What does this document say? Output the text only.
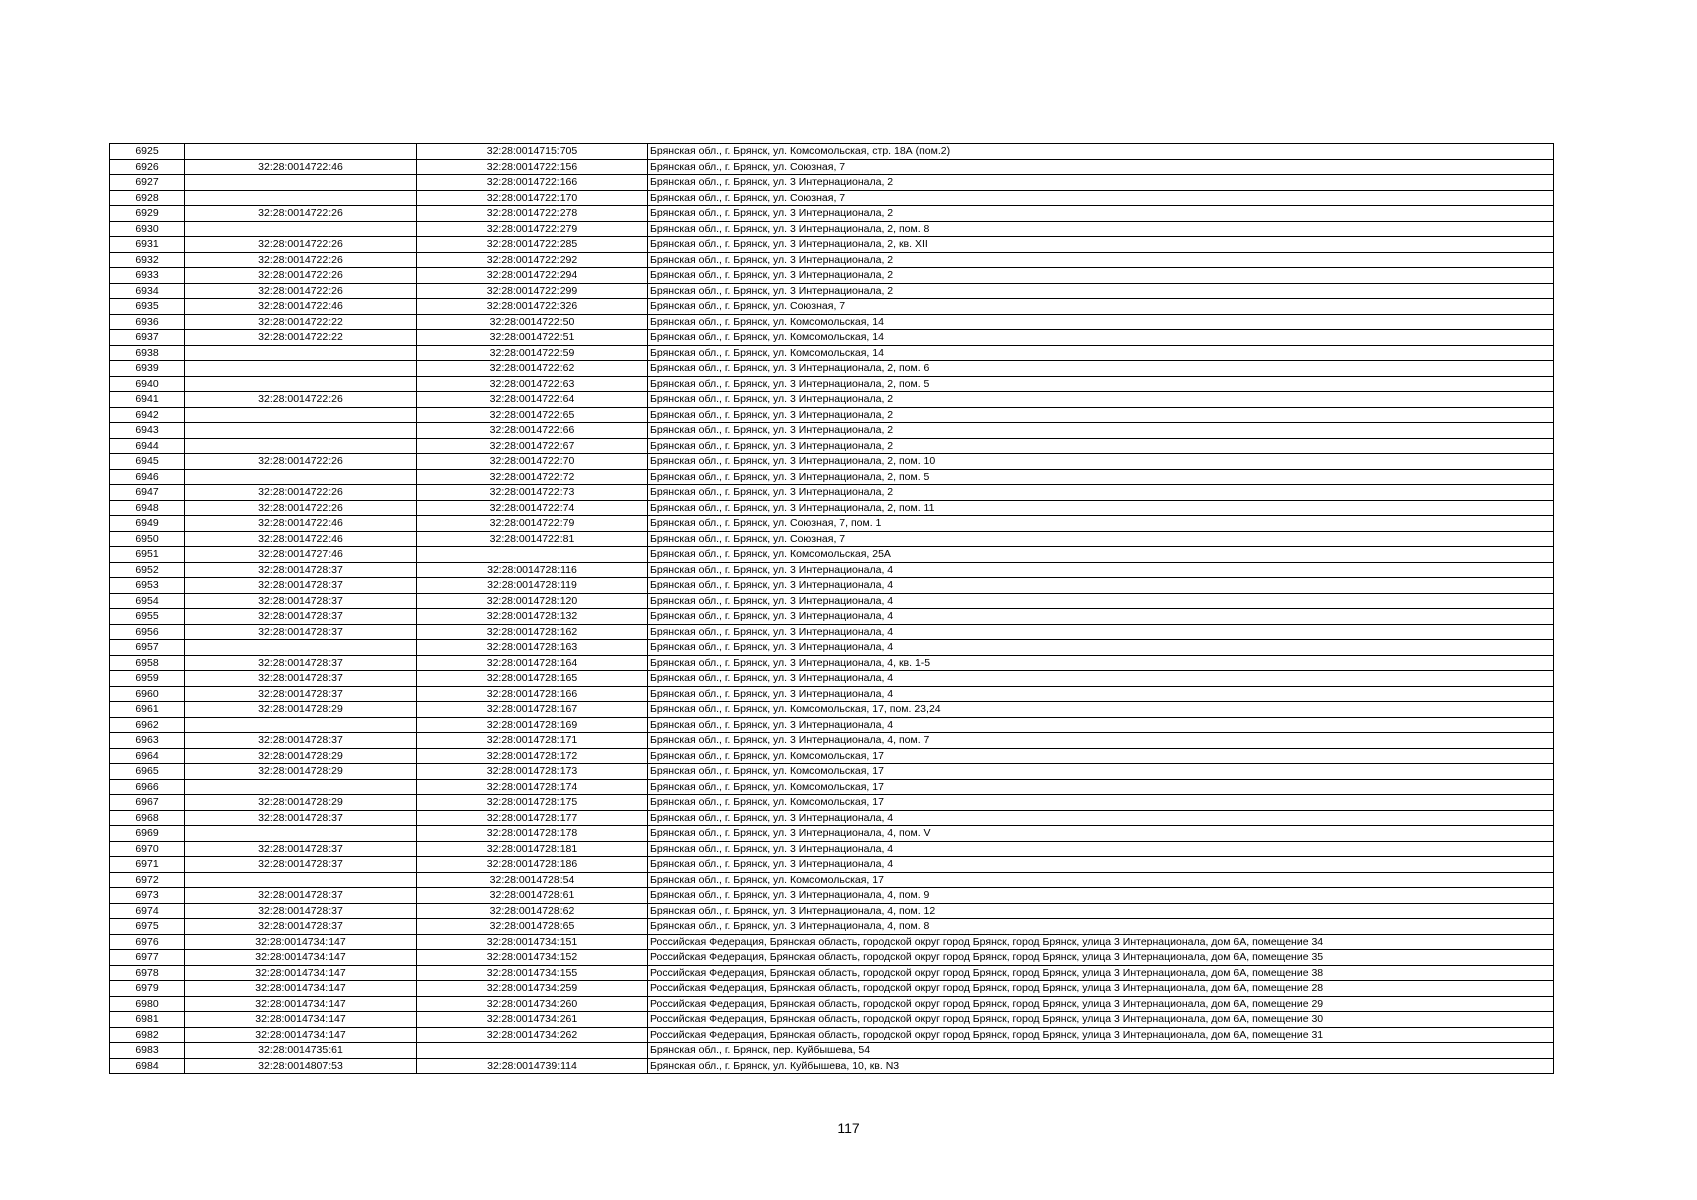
6925		32:28:0014715:705	Брянская обл., г. Брянск, ул. Комсомольская, стр. 18А (пом.2)
6926	32:28:0014722:46	32:28:0014722:156	Брянская обл., г. Брянск, ул. Союзная, 7
6927		32:28:0014722:166	Брянская обл., г. Брянск, ул. 3 Интернационала, 2
6928		32:28:0014722:170	Брянская обл., г. Брянск, ул. Союзная, 7
6929	32:28:0014722:26	32:28:0014722:278	Брянская обл., г. Брянск, ул. 3 Интернационала, 2
6930		32:28:0014722:279	Брянская обл., г. Брянск, ул. 3 Интернационала, 2, пом. 8
6931	32:28:0014722:26	32:28:0014722:285	Брянская обл., г. Брянск, ул. 3 Интернационала, 2, кв. XII
6932	32:28:0014722:26	32:28:0014722:292	Брянская обл., г. Брянск, ул. 3 Интернационала, 2
6933	32:28:0014722:26	32:28:0014722:294	Брянская обл., г. Брянск, ул. 3 Интернационала, 2
6934	32:28:0014722:26	32:28:0014722:299	Брянская обл., г. Брянск, ул. 3 Интернационала, 2
6935	32:28:0014722:46	32:28:0014722:326	Брянская обл., г. Брянск, ул. Союзная, 7
6936	32:28:0014722:22	32:28:0014722:50	Брянская обл., г. Брянск, ул. Комсомольская, 14
6937	32:28:0014722:22	32:28:0014722:51	Брянская обл., г. Брянск, ул. Комсомольская, 14
6938		32:28:0014722:59	Брянская обл., г. Брянск, ул. Комсомольская, 14
6939		32:28:0014722:62	Брянская обл., г. Брянск, ул. 3 Интернационала, 2, пом. 6
6940		32:28:0014722:63	Брянская обл., г. Брянск, ул. 3 Интернационала, 2, пом. 5
6941	32:28:0014722:26	32:28:0014722:64	Брянская обл., г. Брянск, ул. 3 Интернационала, 2
6942		32:28:0014722:65	Брянская обл., г. Брянск, ул. 3 Интернационала, 2
6943		32:28:0014722:66	Брянская обл., г. Брянск, ул. 3 Интернационала, 2
6944		32:28:0014722:67	Брянская обл., г. Брянск, ул. 3 Интернационала, 2
6945	32:28:0014722:26	32:28:0014722:70	Брянская обл., г. Брянск, ул. 3 Интернационала, 2, пом. 10
6946		32:28:0014722:72	Брянская обл., г. Брянск, ул. 3 Интернационала, 2, пом. 5
6947	32:28:0014722:26	32:28:0014722:73	Брянская обл., г. Брянск, ул. 3 Интернационала, 2
6948	32:28:0014722:26	32:28:0014722:74	Брянская обл., г. Брянск, ул. 3 Интернационала, 2, пом. 11
6949	32:28:0014722:46	32:28:0014722:79	Брянская обл., г. Брянск, ул. Союзная, 7, пом. 1
6950	32:28:0014722:46	32:28:0014722:81	Брянская обл., г. Брянск, ул. Союзная, 7
6951	32:28:0014727:46		Брянская обл., г. Брянск, ул. Комсомольская, 25А
6952	32:28:0014728:37	32:28:0014728:116	Брянская обл., г. Брянск, ул. 3 Интернационала, 4
6953	32:28:0014728:37	32:28:0014728:119	Брянская обл., г. Брянск, ул. 3 Интернационала, 4
6954	32:28:0014728:37	32:28:0014728:120	Брянская обл., г. Брянск, ул. 3 Интернационала, 4
6955	32:28:0014728:37	32:28:0014728:132	Брянская обл., г. Брянск, ул. 3 Интернационала, 4
6956	32:28:0014728:37	32:28:0014728:162	Брянская обл., г. Брянск, ул. 3 Интернационала, 4
6957		32:28:0014728:163	Брянская обл., г. Брянск, ул. 3 Интернационала, 4
6958	32:28:0014728:37	32:28:0014728:164	Брянская обл., г. Брянск, ул. 3 Интернационала, 4, кв. 1-5
6959	32:28:0014728:37	32:28:0014728:165	Брянская обл., г. Брянск, ул. 3 Интернационала, 4
6960	32:28:0014728:37	32:28:0014728:166	Брянская обл., г. Брянск, ул. 3 Интернационала, 4
6961	32:28:0014728:29	32:28:0014728:167	Брянская обл., г. Брянск, ул. Комсомольская, 17, пом. 23,24
6962		32:28:0014728:169	Брянская обл., г. Брянск, ул. 3 Интернационала, 4
6963	32:28:0014728:37	32:28:0014728:171	Брянская обл., г. Брянск, ул. 3 Интернационала, 4, пом. 7
6964	32:28:0014728:29	32:28:0014728:172	Брянская обл., г. Брянск, ул. Комсомольская, 17
6965	32:28:0014728:29	32:28:0014728:173	Брянская обл., г. Брянск, ул. Комсомольская, 17
6966		32:28:0014728:174	Брянская обл., г. Брянск, ул. Комсомольская, 17
6967	32:28:0014728:29	32:28:0014728:175	Брянская обл., г. Брянск, ул. Комсомольская, 17
6968	32:28:0014728:37	32:28:0014728:177	Брянская обл., г. Брянск, ул. 3 Интернационала, 4
6969		32:28:0014728:178	Брянская обл., г. Брянск, ул. 3 Интернационала, 4, пом. V
6970	32:28:0014728:37	32:28:0014728:181	Брянская обл., г. Брянск, ул. 3 Интернационала, 4
6971	32:28:0014728:37	32:28:0014728:186	Брянская обл., г. Брянск, ул. 3 Интернационала, 4
6972		32:28:0014728:54	Брянская обл., г. Брянск, ул. Комсомольская, 17
6973	32:28:0014728:37	32:28:0014728:61	Брянская обл., г. Брянск, ул. 3 Интернационала, 4, пом. 9
6974	32:28:0014728:37	32:28:0014728:62	Брянская обл., г. Брянск, ул. 3 Интернационала, 4, пом. 12
6975	32:28:0014728:37	32:28:0014728:65	Брянская обл., г. Брянск, ул. 3 Интернационала, 4, пом. 8
6976	32:28:0014734:147	32:28:0014734:151	Российская Федерация, Брянская область, городской округ город Брянск, город Брянск, улица 3 Интернационала, дом 6А, помещение 34
6977	32:28:0014734:147	32:28:0014734:152	Российская Федерация, Брянская область, городской округ город Брянск, город Брянск, улица 3 Интернационала, дом 6А, помещение 35
6978	32:28:0014734:147	32:28:0014734:155	Российская Федерация, Брянская область, городской округ город Брянск, город Брянск, улица 3 Интернационала, дом 6А, помещение 38
6979	32:28:0014734:147	32:28:0014734:259	Российская Федерация, Брянская область, городской округ город Брянск, город Брянск, улица 3 Интернационала, дом 6А, помещение 28
6980	32:28:0014734:147	32:28:0014734:260	Российская Федерация, Брянская область, городской округ город Брянск, город Брянск, улица 3 Интернационала, дом 6А, помещение 29
6981	32:28:0014734:147	32:28:0014734:261	Российская Федерация, Брянская область, городской округ город Брянск, город Брянск, улица 3 Интернационала, дом 6А, помещение 30
6982	32:28:0014734:147	32:28:0014734:262	Российская Федерация, Брянская область, городской округ город Брянск, город Брянск, улица 3 Интернационала, дом 6А, помещение 31
6983	32:28:0014735:61		Брянская обл., г. Брянск, пер. Куйбышева, 54
6984	32:28:0014807:53	32:28:0014739:114	Брянская обл., г. Брянск, ул. Куйбышева, 10, кв. N3
117
